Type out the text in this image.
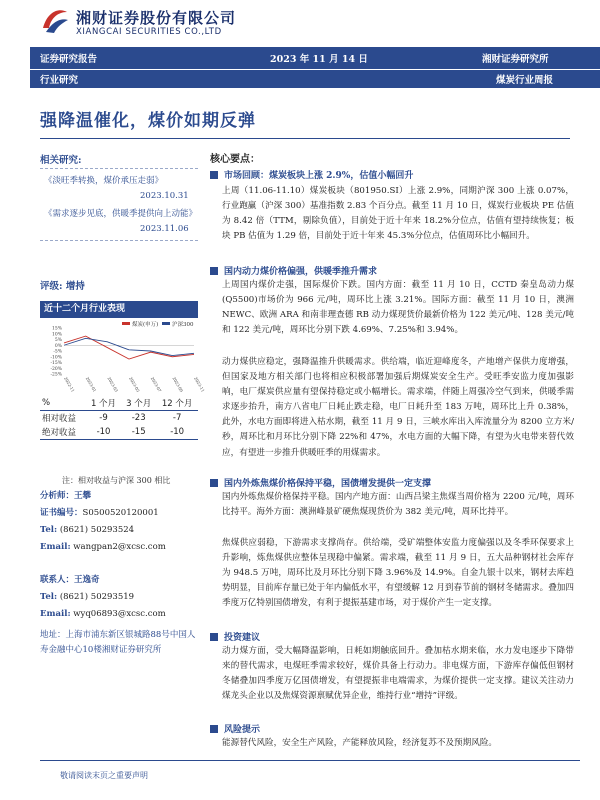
湘财证券股份有限公司
XIANGCAI SECURITIES CO.,LTD
证券研究报告	2023 年 11 月 14 日	湘财证券研究所
行业研究	煤炭行业周报
强降温催化，煤价如期反弹
相关研究:
《淡旺季转换，煤价承压走弱》
2023.10.31
《需求逐步见底，供暖季提供向上动能》
2023.11.06
评级: 增持
近十二个月行业表现
15%
10%
5%
0%
-5%
-10%
-15%
-20%
-25%
2022-11 2023-01 2023-03 2023-05 2023-07 2023-09 2023-11
煤炭(申万) 沪深300
%	1 个月	3 个月	12 个月
相对收益	-9	-23	-7
绝对收益	-10	-15	-10
注：相对收益与沪深 300 相比
分析师：王攀
证书编号：S0500520120001
Tel: (8621) 50293524
Email: wangpan2@xcsc.com
联系人：王逸奇
Tel: (8621) 50293519
Email: wyq06893@xcsc.com
地址：上海市浦东新区银城路88号中国人寿金融中心10楼湘财证券研究所
核心要点：
市场回顾：煤炭板块上涨 2.9%，估值小幅回升
上周（11.06-11.10）煤炭板块（801950.SI）上涨 2.9%，同期沪深 300 上涨 0.07%，行业跑赢（沪深 300）基准指数 2.83 个百分点。截至 11 月 10 日，煤炭行业板块 PE 估值为 8.42 倍（TTM，剔除负值），目前处于近十年来 18.2%分位点，估值有望持续恢复；板块 PB 估值为 1.29 倍，目前处于近十年来 45.3%分位点，估值周环比小幅回升。
国内动力煤价格偏强，供暖季推升需求
上周国内煤价走强，国际煤价下跌。国内方面：截至 11 月 10 日，CCTD 秦皇岛动力煤(Q5500)市场价为 966 元/吨，周环比上涨 3.21%。国际方面：截至 11 月 10 日，澳洲 NEWC、欧洲 ARA 和南非理查德 RB 动力煤现货价最新价格为 122 美元/吨、128 美元/吨和 122 美元/吨，周环比分别下跌 4.69%、7.25%和 3.94%。
动力煤供应稳定，强降温推升供暖需求。供给端，临近迎峰度冬，产地增产保供力度增强，但国家及地方相关部门也将相应积极部署加强后期煤炭安全生产。受旺季安监力度加强影响，电厂煤炭供应量有望保持稳定或小幅增长。需求端，伴随上周强冷空气到来，供暖季需求逐步抬升，南方八省电厂日耗止跌走稳，电厂日耗升至 183 万吨，周环比上升 0.38%，此外，水电方面即将进入枯水期，截至 11 月 9 日，三峡水库出入库流量分为 8200 立方米/秒，周环比和月环比分别下降 22%和 47%，水电方面的大幅下降，有望为火电带来替代效应，有望进一步推升供暖旺季的用煤需求。
国内外炼焦煤价格保持平稳，国债增发提供一定支撑
国内外炼焦煤价格保持平稳。国内产地方面：山西吕梁主焦煤当周价格为 2200 元/吨，周环比持平。海外方面：澳洲峰景矿硬焦煤现货价为 382 美元/吨，周环比持平。
焦煤供应弱稳，下游需求支撑尚存。供给端，受矿端整体安监力度偏强以及冬季环保要求上升影响，炼焦煤供应整体呈现稳中偏紧。需求端，截至 11 月 9 日，五大品种钢材社会库存为 948.5 万吨，周环比及月环比分别下降 3.96%及 14.9%。自金九银十以来，钢材去库趋势明显，目前库存量已处于年内偏低水平，有望缓解 12 月到春节前的钢材冬储需求。叠加四季度万亿特别国债增发，有利于提振基建市场，对于煤价产生一定支撑。
投资建议
动力煤方面，受大幅降温影响，日耗如期触底回升。叠加枯水期来临，水力发电逐步下降带来的替代需求，电煤旺季需求较好，煤价具备上行动力。非电煤方面，下游库存偏低但钢材冬储叠加四季度万亿国债增发，有望提振非电端需求，为煤价提供一定支撑。建议关注动力煤龙头企业以及焦煤资源禀赋优异企业，维持行业“增持”评级。
风险提示
能源替代风险，安全生产风险，产能释放风险，经济复苏不及预期风险。
敬请阅读末页之重要声明
